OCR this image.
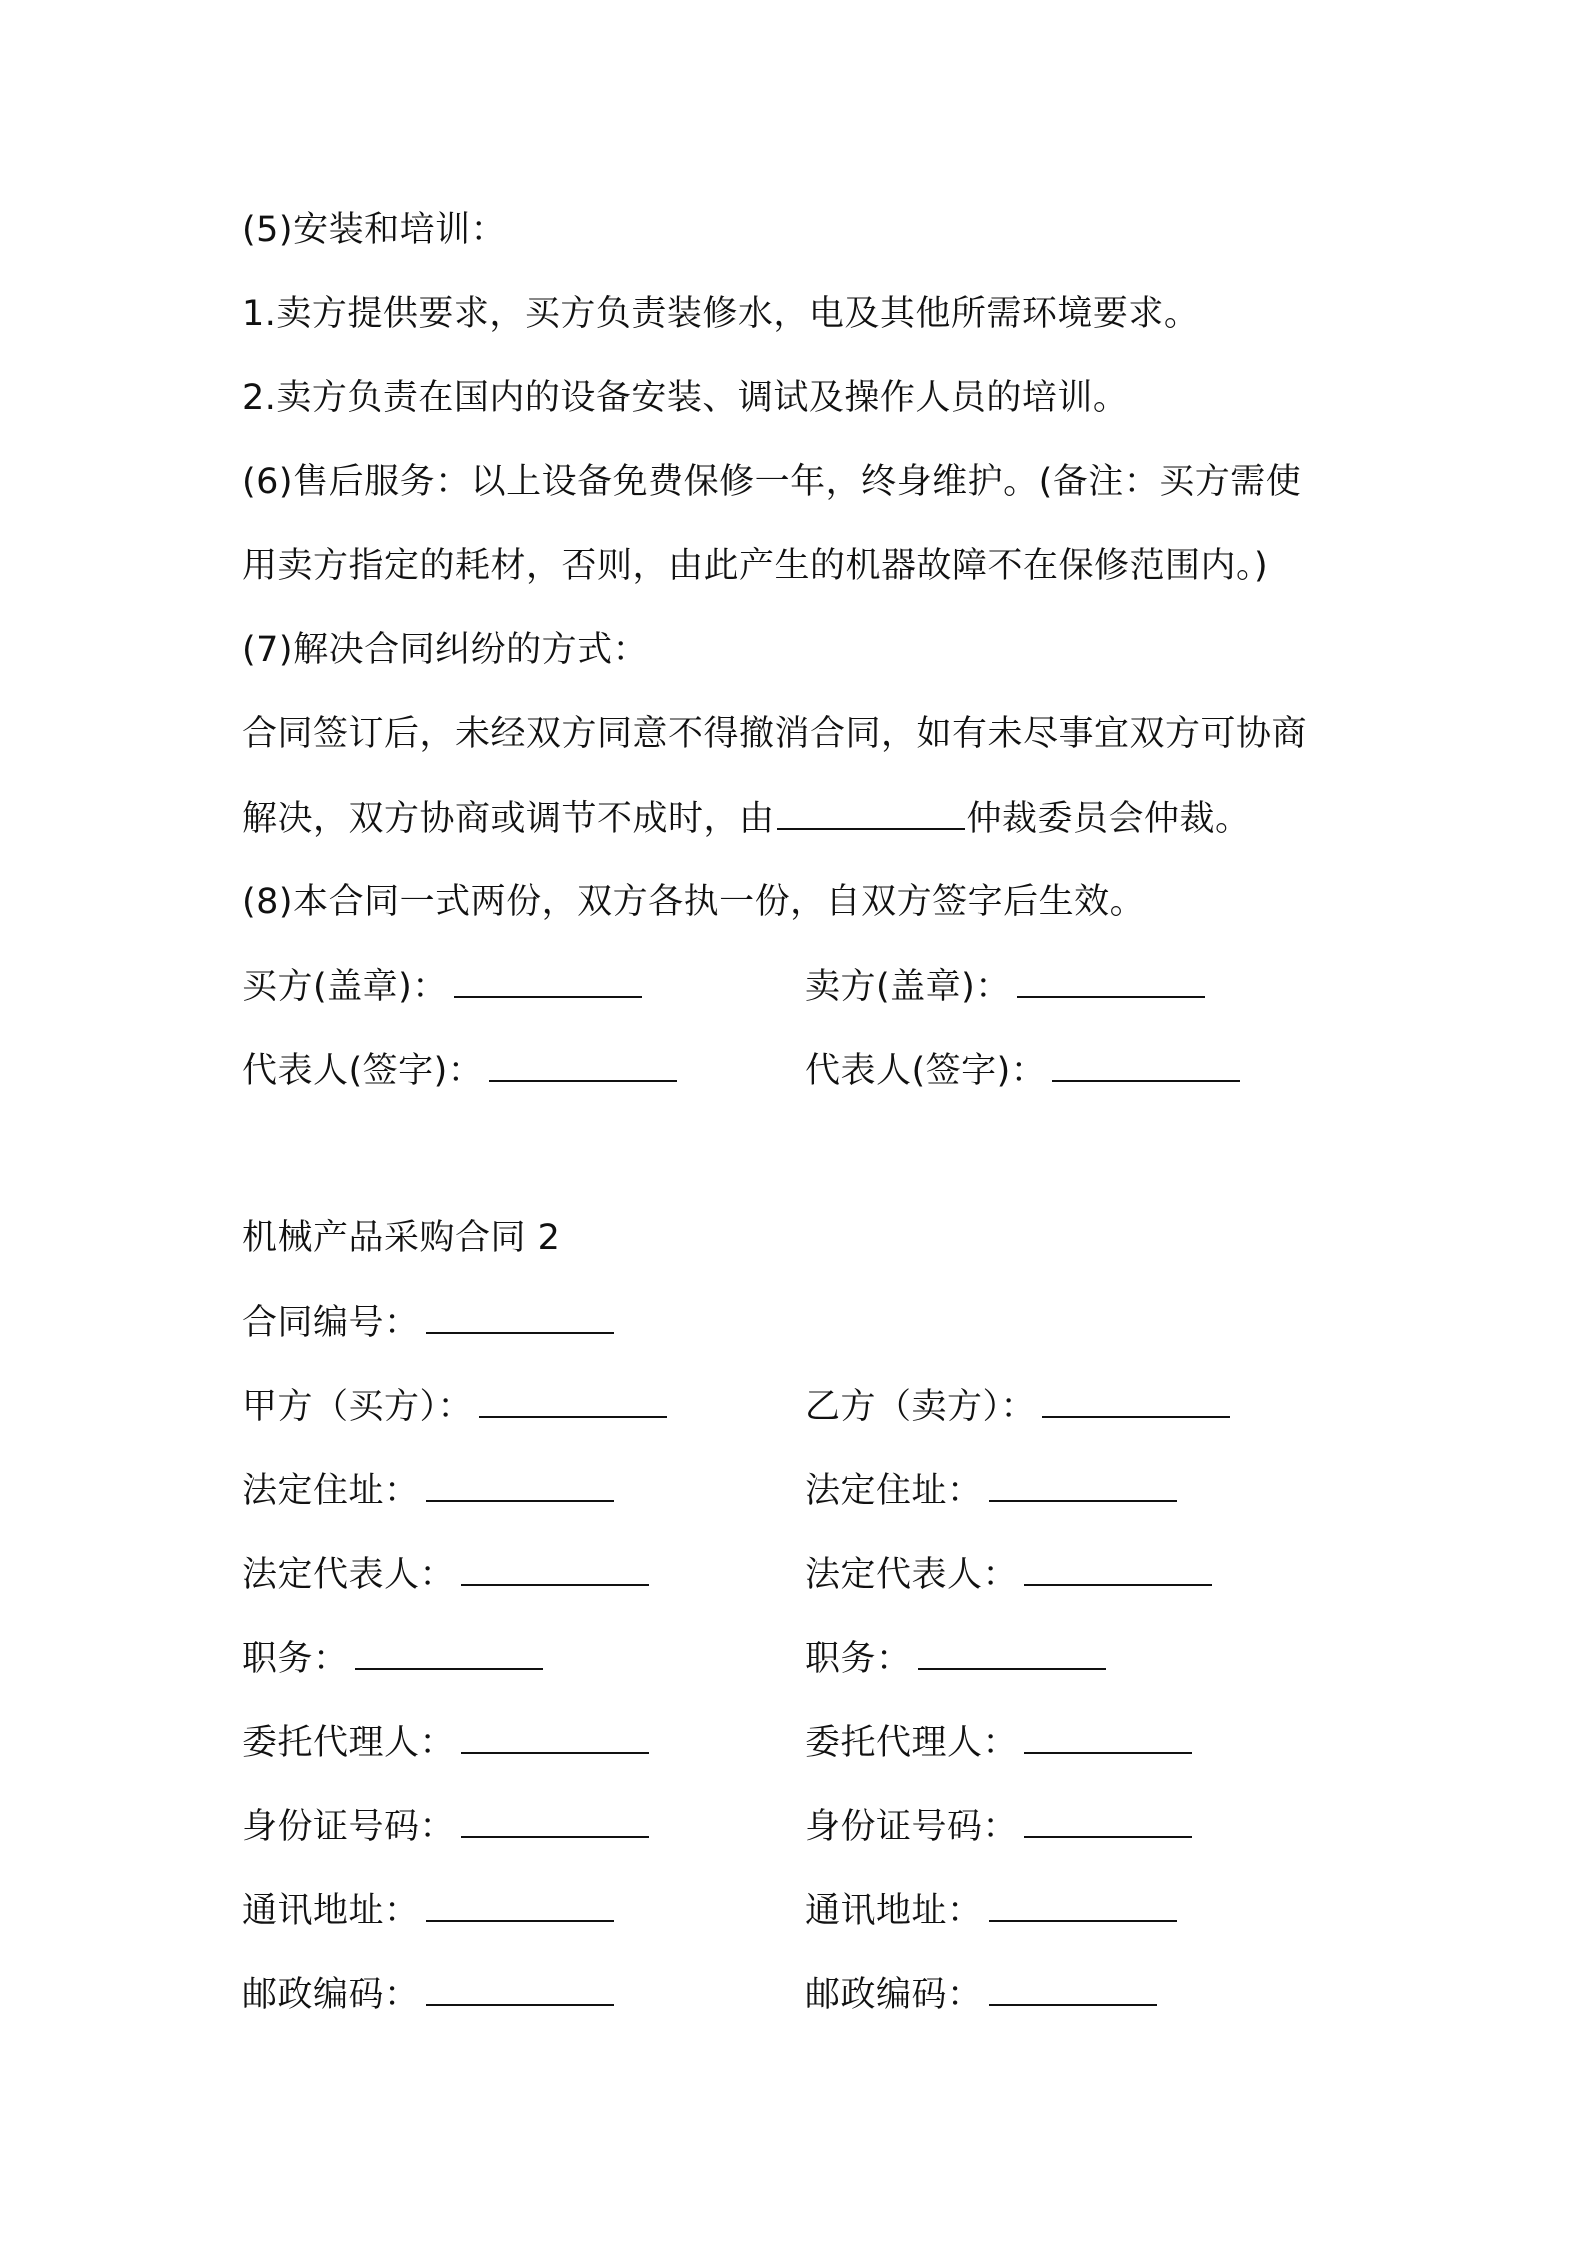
(5)安装和培训：
1.卖方提供要求，买方负责装修水，电及其他所需环境要求。
2.卖方负责在国内的设备安装、调试及操作人员的培训。
(6)售后服务：以上设备免费保修一年，终身维护。(备注：买方需使
用卖方指定的耗材，否则，由此产生的机器故障不在保修范围内。)
(7)解决合同纠纷的方式：
合同签订后，未经双方同意不得撤消合同，如有未尽事宜双方可协商
解决，双方协商或调节不成时，由	仲裁委员会仲裁。
(8)本合同一式两份，双方各执一份，自双方签字后生效。
买方(盖章)：	卖方(盖章)：
代表人(签字)：	代表人(签字)：
机械产品采购合同 2
合同编号：
甲方（买方）：	乙方（卖方）：
法定住址：	法定住址：
法定代表人：	法定代表人：
职务：	职务：
委托代理人：	委托代理人：
身份证号码：	身份证号码：
通讯地址：	通讯地址：
邮政编码：	邮政编码：
